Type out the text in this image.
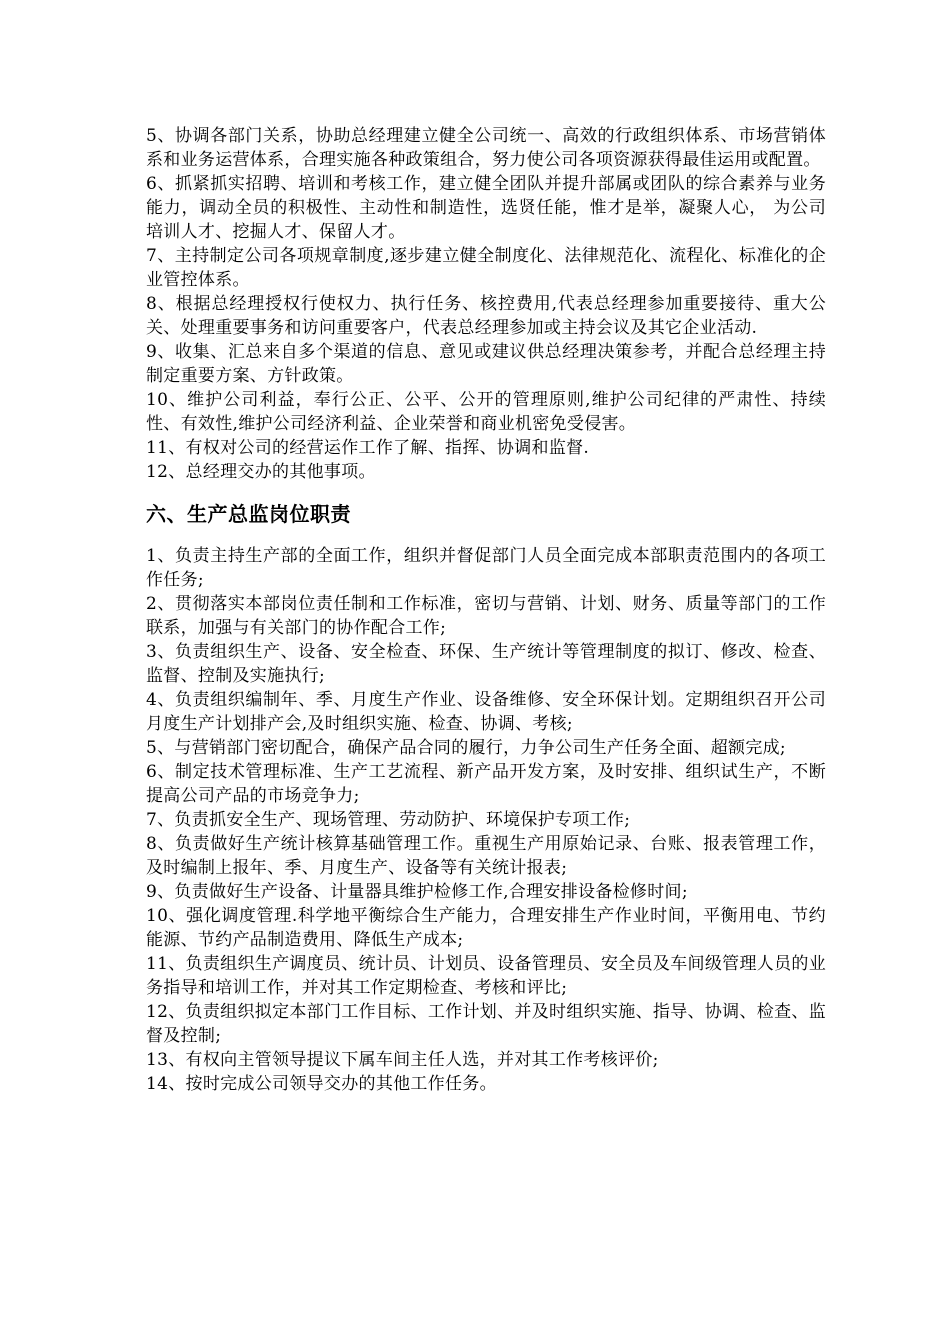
5、协调各部门关系，协助总经理建立健全公司统一、高效的行政组织体系、市场营销体系和业务运营体系，合理实施各种政策组合，努力使公司各项资源获得最佳运用或配置。

6、抓紧抓实招聘、培训和考核工作，建立健全团队并提升部属或团队的综合素养与业务能力，调动全员的积极性、主动性和制造性，选贤任能，惟才是举，凝聚人心， 为公司培训人才、挖掘人才、保留人才。

7、主持制定公司各项规章制度,逐步建立健全制度化、法律规范化、流程化、标准化的企业管控体系。

8、根据总经理授权行使权力、执行任务、核控费用,代表总经理参加重要接待、重大公关、处理重要事务和访问重要客户，代表总经理参加或主持会议及其它企业活动.

9、收集、汇总来自多个渠道的信息、意见或建议供总经理决策参考，并配合总经理主持制定重要方案、方针政策。

10、维护公司利益，奉行公正、公平、公开的管理原则,维护公司纪律的严肃性、持续性、有效性,维护公司经济利益、企业荣誉和商业机密免受侵害。

11、有权对公司的经营运作工作了解、指挥、协调和监督.

12、总经理交办的其他事项。

六、生产总监岗位职责

1、负责主持生产部的全面工作，组织并督促部门人员全面完成本部职责范围内的各项工作任务;

2、贯彻落实本部岗位责任制和工作标准，密切与营销、计划、财务、质量等部门的工作联系，加强与有关部门的协作配合工作;

3、负责组织生产、设备、安全检查、环保、生产统计等管理制度的拟订、修改、检查、监督、控制及实施执行;

4、负责组织编制年、季、月度生产作业、设备维修、安全环保计划。定期组织召开公司月度生产计划排产会,及时组织实施、检查、协调、考核;

5、与营销部门密切配合，确保产品合同的履行，力争公司生产任务全面、超额完成;

6、制定技术管理标准、生产工艺流程、新产品开发方案，及时安排、组织试生产，不断提高公司产品的市场竞争力;

7、负责抓安全生产、现场管理、劳动防护、环境保护专项工作;

8、负责做好生产统计核算基础管理工作。重视生产用原始记录、台账、报表管理工作，及时编制上报年、季、月度生产、设备等有关统计报表;

9、负责做好生产设备、计量器具维护检修工作,合理安排设备检修时间;

10、强化调度管理.科学地平衡综合生产能力，合理安排生产作业时间，平衡用电、节约能源、节约产品制造费用、降低生产成本;

11、负责组织生产调度员、统计员、计划员、设备管理员、安全员及车间级管理人员的业务指导和培训工作，并对其工作定期检查、考核和评比;

12、负责组织拟定本部门工作目标、工作计划、并及时组织实施、指导、协调、检查、监督及控制;

13、有权向主管领导提议下属车间主任人选，并对其工作考核评价;

14、按时完成公司领导交办的其他工作任务。
